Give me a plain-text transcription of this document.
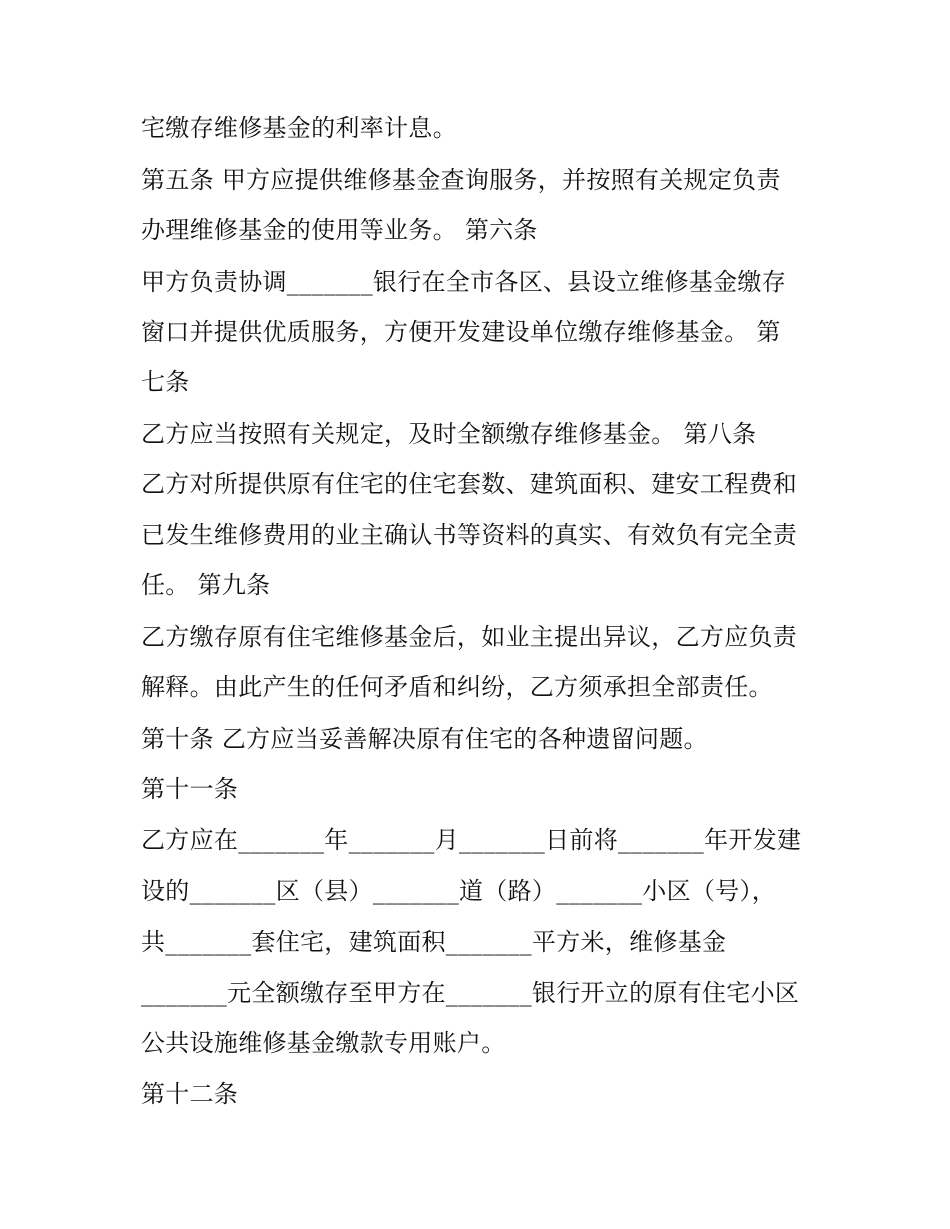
宅缴存维修基金的利率计息。
第五条 甲方应提供维修基金查询服务，并按照有关规定负责
办理维修基金的使用等业务。 第六条
甲方负责协调_______银行在全市各区、县设立维修基金缴存
窗口并提供优质服务，方便开发建设单位缴存维修基金。 第
七条
乙方应当按照有关规定，及时全额缴存维修基金。 第八条
乙方对所提供原有住宅的住宅套数、建筑面积、建安工程费和
已发生维修费用的业主确认书等资料的真实、有效负有完全责
任。 第九条
乙方缴存原有住宅维修基金后，如业主提出异议，乙方应负责
解释。由此产生的任何矛盾和纠纷，乙方须承担全部责任。
第十条 乙方应当妥善解决原有住宅的各种遗留问题。
第十一条
乙方应在_______年_______月_______日前将_______年开发建
设的_______区（县）_______道（路）_______小区（号），
共_______套住宅，建筑面积_______平方米，维修基金
_______元全额缴存至甲方在_______银行开立的原有住宅小区
公共设施维修基金缴款专用账户。
第十二条
